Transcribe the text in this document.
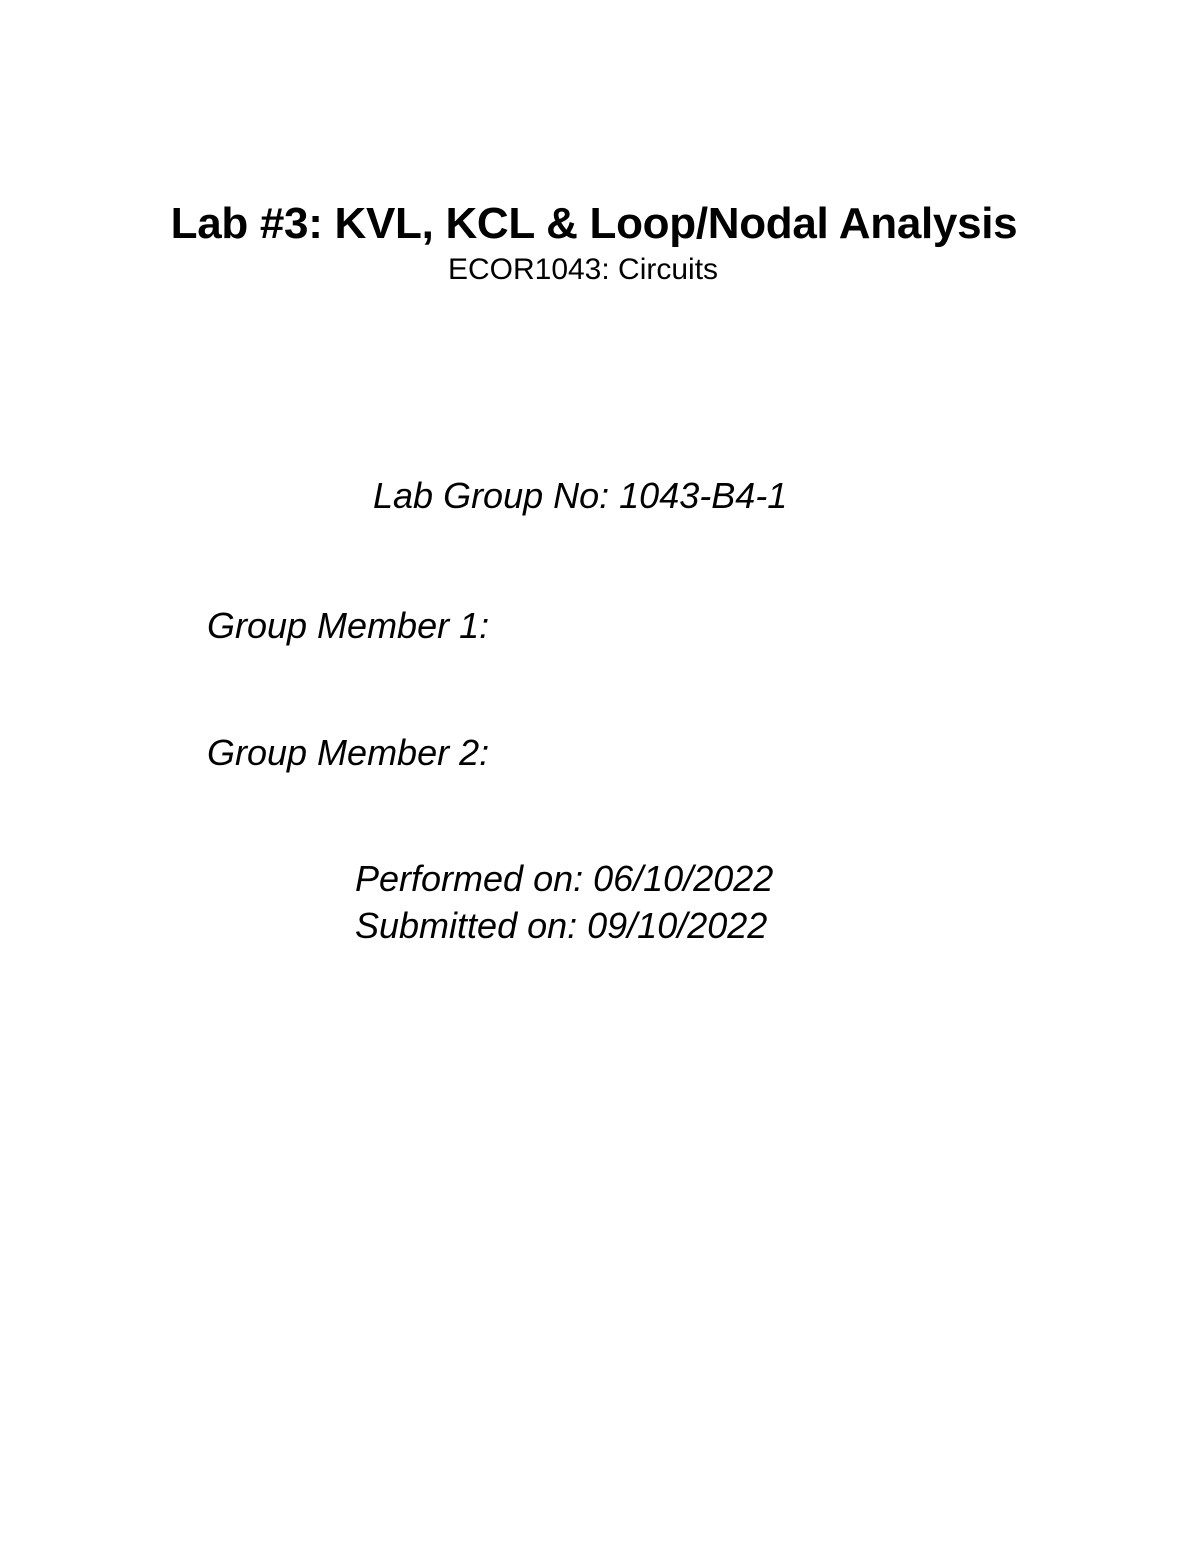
Lab #3: KVL, KCL & Loop/Nodal Analysis
ECOR1043: Circuits
Lab Group No: 1043-B4-1
Group Member 1:
Group Member 2:
Performed on: 06/10/2022
Submitted on: 09/10/2022
